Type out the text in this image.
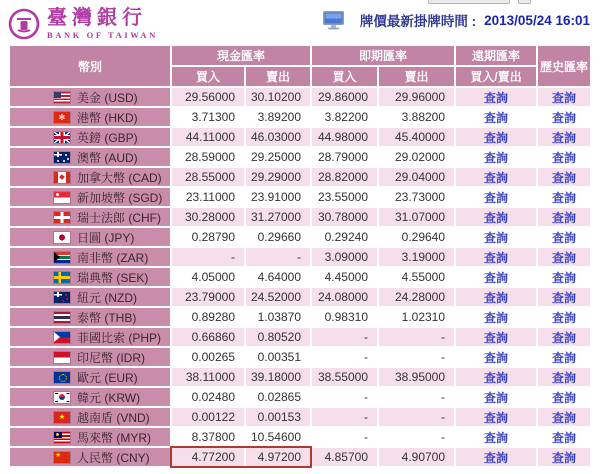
臺灣銀行
BANK OF TAIWAN
牌價最新掛牌時間 : 2013/05/24 16:01
幣別	現金匯率		即期匯率		遠期匯率	歷史匯率
	買入	賣出	買入	賣出	買入/賣出	

美金 (USD)	29.56000	30.10200	29.86000	29.96000	查詢	查詢

✻
港幣 (HKD)	3.71300	3.89200	3.82200	3.88200	查詢	查詢

英鎊 (GBP)	44.11000	46.03000	44.98000	45.40000	查詢	查詢

澳幣 (AUD)	28.59000	29.25000	28.79000	29.02000	查詢	查詢

加拿大幣 (CAD)	28.55000	29.29000	28.82000	29.04000	查詢	查詢

新加坡幣 (SGD)	23.11000	23.91000	23.55000	23.73000	查詢	查詢

瑞士法郎 (CHF)	30.28000	31.27000	30.78000	31.07000	查詢	查詢

日圓 (JPY)	0.28790	0.29660	0.29240	0.29640	查詢	查詢

南非幣 (ZAR)	-	-	3.09000	3.19000	查詢	查詢

瑞典幣 (SEK)	4.05000	4.64000	4.45000	4.55000	查詢	查詢

紐元 (NZD)	23.79000	24.52000	24.08000	24.28000	查詢	查詢

泰幣 (THB)	0.89280	1.03870	0.98310	1.02310	查詢	查詢

菲國比索 (PHP)	0.66860	0.80520	-	-	查詢	查詢

印尼幣 (IDR)	0.00265	0.00351	-	-	查詢	查詢

歐元 (EUR)	38.11000	39.18000	38.55000	38.95000	查詢	查詢

韓元 (KRW)	0.02480	0.02865	-	-	查詢	查詢

★
越南盾 (VND)	0.00122	0.00153	-	-	查詢	查詢

馬來幣 (MYR)	8.37800	10.54600	-	-	查詢	查詢

★
人民幣 (CNY)	4.77200	4.97200	4.85700	4.90700	查詢	查詢
